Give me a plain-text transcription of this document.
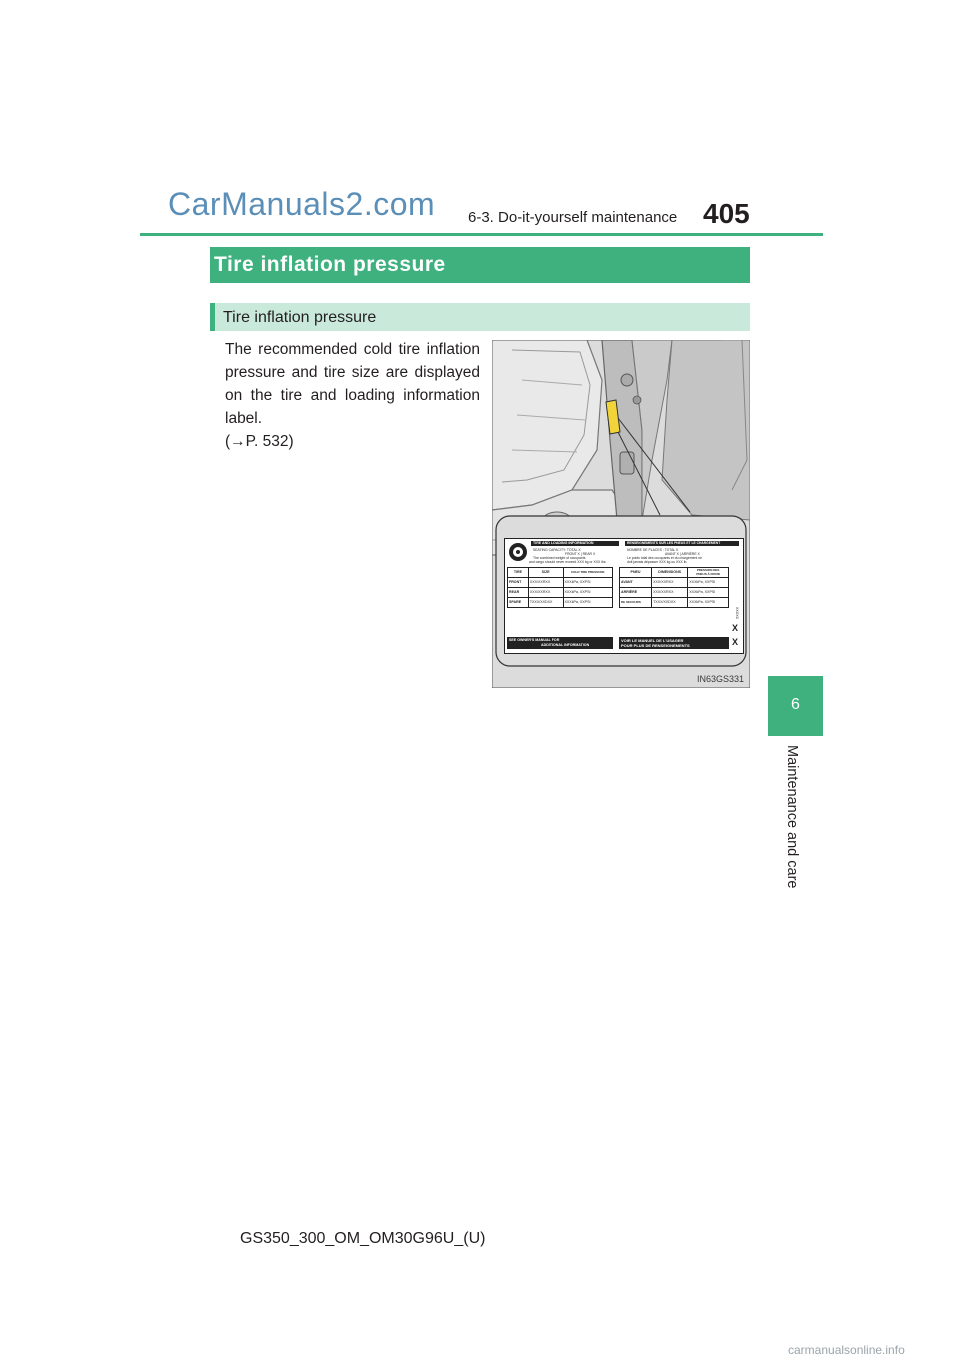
CarManuals2.com 6-3. Do-it-yourself maintenance 405
Tire inflation pressure
Tire inflation pressure
The recommended cold tire inflation pressure and tire size are displayed on the tire and loading information label.
(→P. 532)
TIRE AND LOADING INFORMATION
SEATING CAPACITY: TOTAL X
FRONT X | REAR X
The combined weight of occupants
and cargo should never exceed XXX kg or XXX lbs.
RENSEIGNEMENTS SUR LES PNEUS ET LE CHARGEMENT
NOMBRE DE PLACES : TOTAL X
AVANT X | ARRIÈRE X
Le poids total des occupants et du chargement ne
doit jamais dépasser XXX kg ou XXX lb.
TIRE	SIZE	COLD TIRE PRESSURE
FRONT	XXX/XXRXX	XXXkPa, XXPSI
REAR	XXX/XXRXX	XXXkPa, XXPSI
SPARE	TXXX/XXDXX	XXXkPa, XXPSI
PNEU	DIMENSIONS	PRESSION DES
PNEUS À FROID
AVANT	XXX/XXRXX	XXXkPa, XXPSI
ARRIÈRE	XXX/XXRXX	XXXkPa, XXPSI
DE SECOURS	TXXX/XXDXX	XXXkPa, XXPSI
SEE OWNER'S MANUAL FOR
ADDITIONAL INFORMATION
VOIR LE MANUEL DE L'USAGER
POUR PLUS DE RENSEIGNEMENTS
XXXXX
X
X
IN63GS331
6
Maintenance and care
GS350_300_OM_OM30G96U_(U)
carmanualsonline.info
